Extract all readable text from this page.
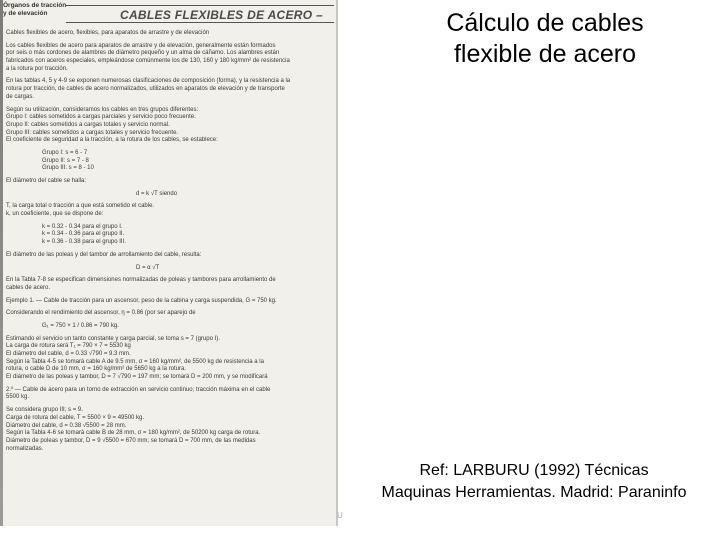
Órganos de tracción
y de elevación	CABLES FLEXIBLES DE ACERO –
Cables flexibles de acero, flexibles, para aparatos de arrastre y de elevación
Los cables flexibles de acero para aparatos de arrastre y de elevación, generalmente están formados
por seis o más cordones de alambres de diámetro pequeño y un alma de cáñamo. Los alambres están
fabricados con aceros especiales, empleándose comúnmente los de 130, 160 y 180 kg/mm² de resistencia
a la rotura por tracción.
En las tablas 4, 5 y 4-9 se exponen numerosas clasificaciones de composición (forma), y la resistencia a la
rotura por tracción, de cables de acero normalizados, utilizados en aparatos de elevación y de transporte
de cargas.
Según su utilización, consideramos los cables en tres grupos diferentes:
Grupo I: cables sometidos a cargas parciales y servicio poco frecuente.
Grupo II: cables sometidos a cargas totales y servicio normal.
Grupo III: cables sometidos a cargas totales y servicio frecuente.
El coeficiente de seguridad a la tracción, a la rotura de los cables, se establece:
Grupo I: s = 6 - 7
Grupo II: s = 7 - 8
Grupo III: s = 8 - 10
El diámetro del cable se halla:
d = k √T siendo
T, la carga total o tracción a que está sometido el cable.
k, un coeficiente, que se dispone de:
k = 0.32 - 0.34 para el grupo I.
k = 0.34 - 0.36 para el grupo II.
k = 0.36 - 0.38 para el grupo III.
El diámetro de las poleas y del tambor de arrollamiento del cable, resulta:
D = α √T
En la Tabla 7-8 se especifican dimensiones normalizadas de poleas y tambores para arrollamiento de
cables de acero.
Ejemplo 1. — Cable de tracción para un ascensor, peso de la cabina y carga suspendida, G = 750 kg.
Considerando el rendimiento del ascensor, η = 0.86 (por ser aparejo de
G₁ = 750 × 1 / 0.86 = 790 kg.
Estimando el servicio un tanto constante y carga parcial, se toma s = 7 (grupo I).
La carga de rotura será T₁ = 790 × 7 = 5530 kg
El diámetro del cable, d = 0.33 √790 = 9.3 mm.
Según la Tabla 4-5 se tomará cable A de 9.5 mm, σ = 160 kg/mm², de 5500 kg de resistencia a la
rotura, o cable D de 10 mm, σ = 160 kg/mm² de 5650 kg a la rotura.
El diámetro de las poleas y tambor, D = 7 √790 = 197 mm; se tomará D = 200 mm, y se modificará
2.º — Cable de acero para un torno de extracción en servicio continuo; tracción máxima en el cable
5500 kg.
Se considera grupo III; s = 9.
Carga de rotura del cable, T = 5500 × 9 = 49500 kg.
Diámetro del cable, d = 0.38 √5500 = 28 mm.
Según la Tabla 4-6 se tomará cable B de 28 mm, σ = 180 kg/mm², de 50200 kg carga de rotura.
Diámetro de poleas y tambor, D = 9 √5500 = 670 mm; se tomará D = 700 mm, de las medidas
normalizadas.
U
Cálculo de cables
flexible de acero
Ref: LARBURU (1992) Técnicas
Maquinas Herramientas. Madrid: Paraninfo
